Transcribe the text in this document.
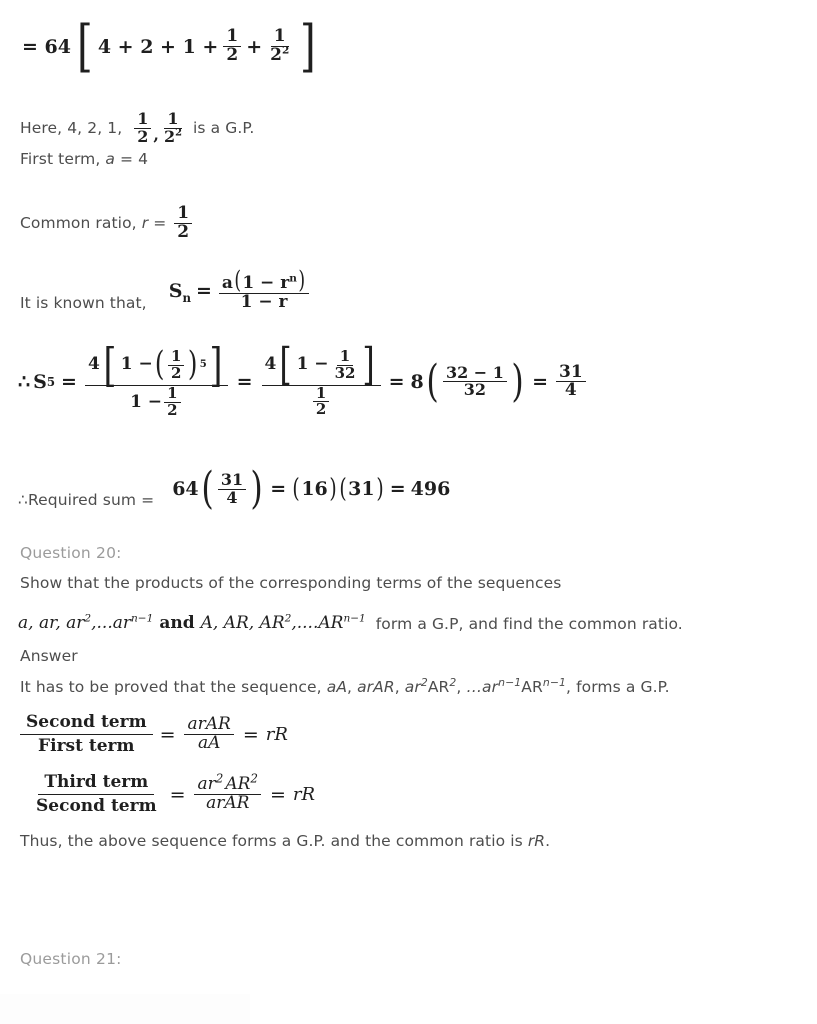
= 64 [ $4 + 2 + 1 + \frac{1}{2} + \frac{1}{2^2}$ ]
Here, 4, 2, 1, $\frac{1}{2}$ , $\frac{1}{2^2}$ is a G.P.
First term, a = 4
Common ratio, $r = \frac{1}{2}$
It is known that,
$S_n = \frac{a(1 - r^n)}{1 - r}$
∴ S 5 =
4 [ 1 − ( $\frac{1}{2}$ ) 5 ]
$1 - \frac{1}{2}$
=
4 [ $1 - \frac{1}{32}$ ]
$\frac{1}{2}$
= 8 ( $\frac{32 - 1}{32}$ ) = $\frac{31}{4}$
∴Required sum = 64 ( $\frac{31}{4}$ ) = ( 16 ) ( 31 ) = 496
Question 20:
Show that the products of the corresponding terms of the sequences
a, ar, $ar^2,...ar^{n-1}$ and A, AR, $AR^2,....AR^{n-1}$ form a G.P, and find the common ratio.
Answer
It has to be proved that the sequence, aA , arAR , $ar^2AR^2$ , $\dots ar^{n-1}AR^{n-1}$ , forms a G.P.
$\frac{\text{Second term}}{\text{First term}} = \frac{\text{arAR}}{aA}$ = rR
$\frac{\text{Third term}}{\text{Second term}} = \frac{ar^2 AR^2}{\text{arAR}}$ = rR
Thus, the above sequence forms a G.P. and the common ratio is rR .
Question 21:
